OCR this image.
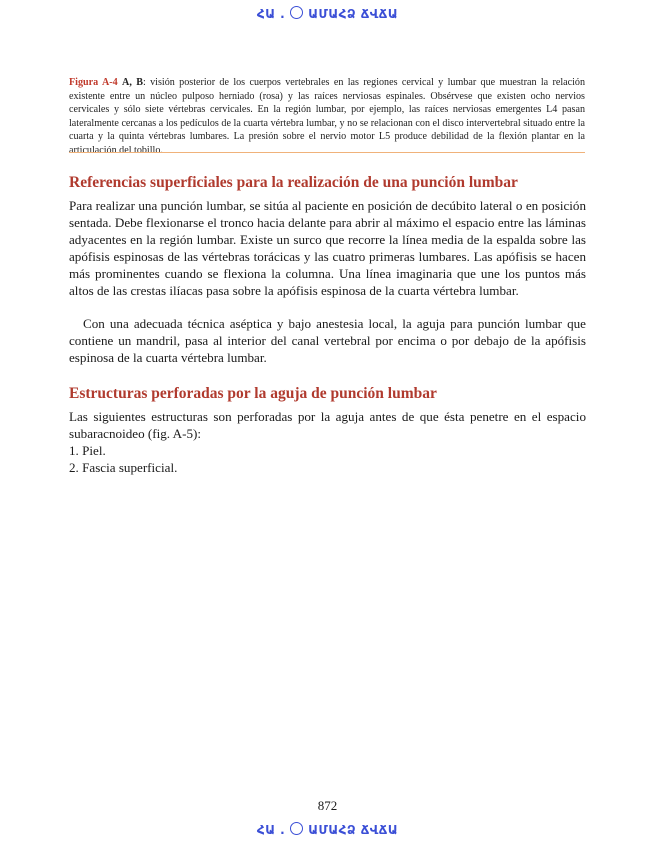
ՀԱ . ԱՄԱՀՁ ՃՎՃԱ

Figura A-4 A, B: visión posterior de los cuerpos vertebrales en las regiones cervical y lumbar que muestran la relación existente entre un núcleo pulposo herniado (rosa) y las raíces nerviosas espinales. Obsérvese que existen ocho nervios cervicales y sólo siete vértebras cervicales. En la región lumbar, por ejemplo, las raíces nerviosas emergentes L4 pasan lateralmente cercanas a los pedículos de la cuarta vértebra lumbar, y no se relacionan con el disco intervertebral situado entre la cuarta y la quinta vértebras lumbares. La presión sobre el nervio motor L5 produce debilidad de la flexión plantar en la articulación del tobillo.

Referencias superficiales para la realización de una punción lumbar

Para realizar una punción lumbar, se sitúa al paciente en posición de decúbito lateral o en posición sentada. Debe flexionarse el tronco hacia delante para abrir al máximo el espacio entre las láminas adyacentes en la región lumbar. Existe un surco que recorre la línea media de la espalda sobre las apófisis espinosas de las vértebras torácicas y las cuatro primeras lumbares. Las apófisis se hacen más prominentes cuando se flexiona la columna. Una línea imaginaria que une los puntos más altos de las crestas ilíacas pasa sobre la apófisis espinosa de la cuarta vértebra lumbar.

Con una adecuada técnica aséptica y bajo anestesia local, la aguja para punción lumbar que contiene un mandril, pasa al interior del canal vertebral por encima o por debajo de la apófisis espinosa de la cuarta vértebra lumbar.

Estructuras perforadas por la aguja de punción lumbar

Las siguientes estructuras son perforadas por la aguja antes de que ésta penetre en el espacio subaracnoideo (fig. A-5):

1. Piel.

2. Fascia superficial.

872
ՀԱ . ԱՄԱՀՁ ՃՎՃԱ
